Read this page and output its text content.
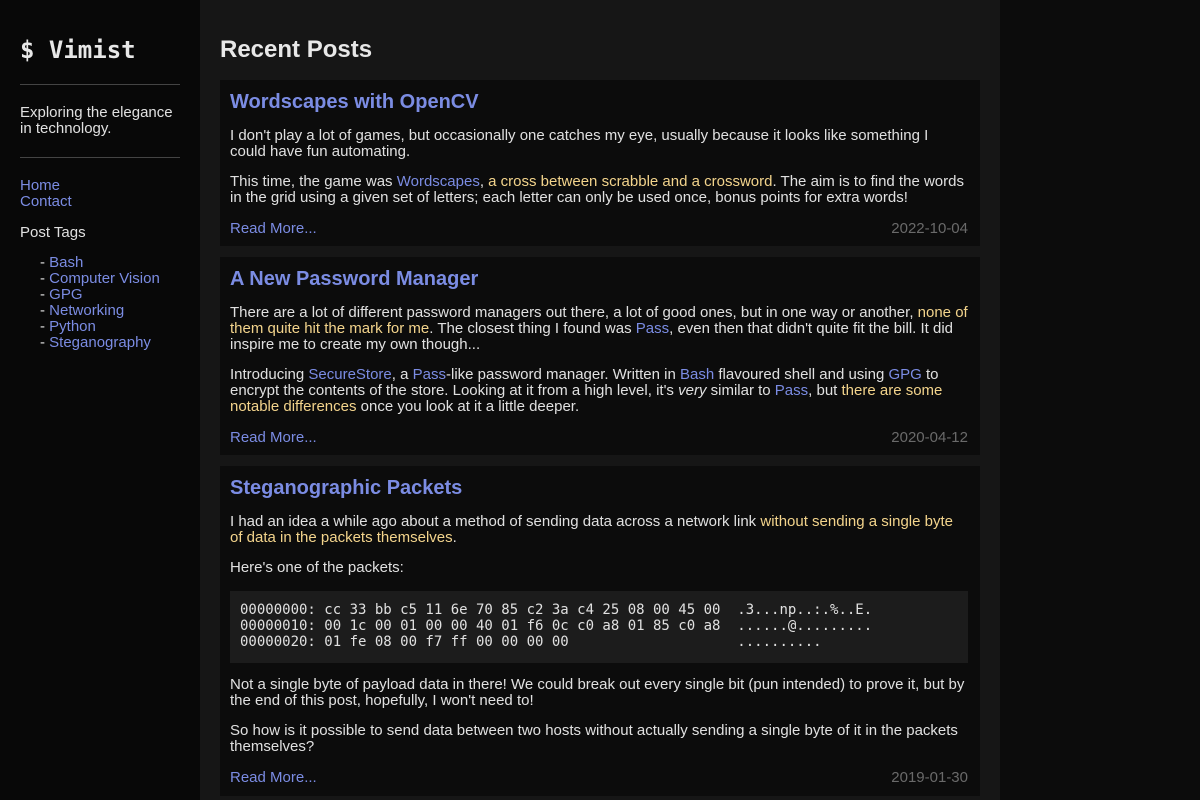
$ Vimist
Exploring the elegance in technology.
Home
Contact
Post Tags
- Bash
- Computer Vision
- GPG
- Networking
- Python
- Steganography
Recent Posts
Wordscapes with OpenCV

I don't play a lot of games, but occasionally one catches my eye, usually because it looks like something I could have fun automating.

This time, the game was Wordscapes, a cross between scrabble and a crossword. The aim is to find the words in the grid using a given set of letters; each letter can only be used once, bonus points for extra words!

Read More...	2022-10-04
A New Password Manager

There are a lot of different password managers out there, a lot of good ones, but in one way or another, none of them quite hit the mark for me. The closest thing I found was Pass, even then that didn't quite fit the bill. It did inspire me to create my own though...

Introducing SecureStore, a Pass-like password manager. Written in Bash flavoured shell and using GPG to encrypt the contents of the store. Looking at it from a high level, it's very similar to Pass, but there are some notable differences once you look at it a little deeper.

Read More...	2020-04-12
Steganographic Packets

I had an idea a while ago about a method of sending data across a network link without sending a single byte of data in the packets themselves.

Here's one of the packets:

00000000: cc 33 bb c5 11 6e 70 85 c2 3a c4 25 08 00 45 00  .3...np..:.%..E.
00000010: 00 1c 00 01 00 00 40 01 f6 0c c0 a8 01 85 c0 a8  ......@.........
00000020: 01 fe 08 00 f7 ff 00 00 00 00                    ..........

Not a single byte of payload data in there! We could break out every single bit (pun intended) to prove it, but by the end of this post, hopefully, I won't need to!

So how is it possible to send data between two hosts without actually sending a single byte of it in the packets themselves?

Read More...	2019-01-30
